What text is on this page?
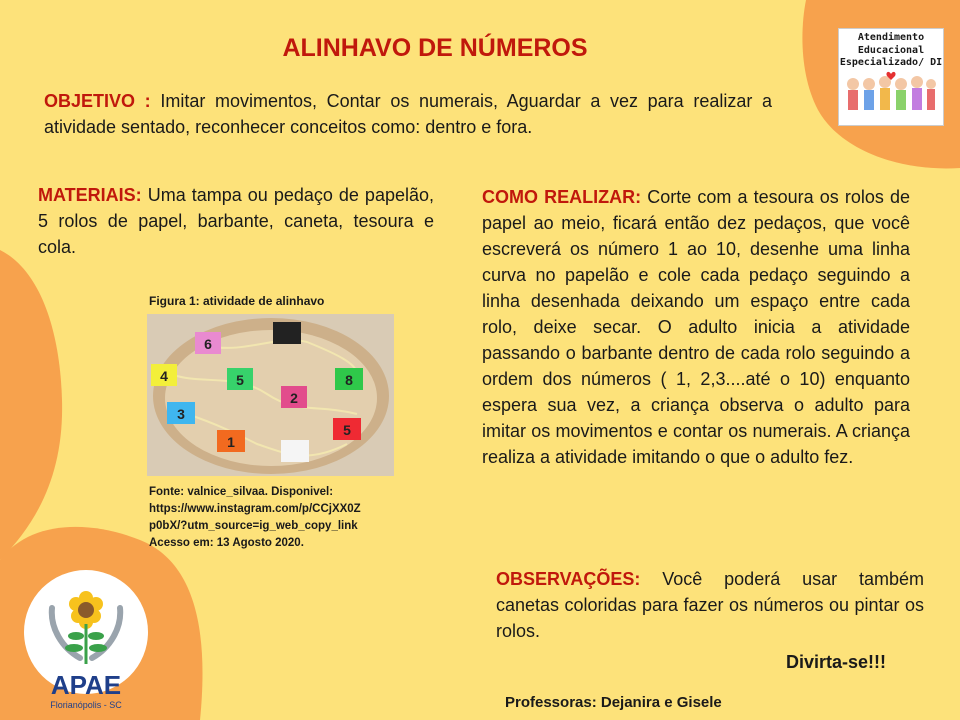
ALINHAVO DE NÚMEROS
OBJETIVO : Imitar movimentos, Contar os numerais, Aguardar a vez para realizar a atividade sentado, reconhecer conceitos como: dentro e fora.
MATERIAIS: Uma tampa ou pedaço de papelão, 5 rolos de papel, barbante, caneta, tesoura e cola.
COMO REALIZAR: Corte com a tesoura os rolos de papel ao meio, ficará então dez pedaços, que você escreverá os número 1 ao 10, desenhe uma linha curva no papelão e cole cada pedaço seguindo a linha desenhada deixando um espaço entre cada rolo, deixe secar. O adulto inicia a atividade passando o barbante dentro de cada rolo seguindo a ordem dos números ( 1, 2,3....até o 10) enquanto espera sua vez, a criança observa o adulto para imitar os movimentos e contar os numerais. A criança realiza a atividade imitando o que o adulto fez.
OBSERVAÇÕES: Você poderá usar também canetas coloridas para fazer os números ou pintar os rolos.
Figura 1: atividade de alinhavo
6
4	5	8
2
3
1
5
Fonte: valnice_silvaa. Disponivel:
https://www.instagram.com/p/CCjXX0Z
p0bX/?utm_source=ig_web_copy_link
Acesso em: 13 Agosto 2020.
Atendimento
Educacional
Especializado/ DI
APAE
Florianópolis - SC
Divirta-se!!!
Professoras: Dejanira e Gisele
